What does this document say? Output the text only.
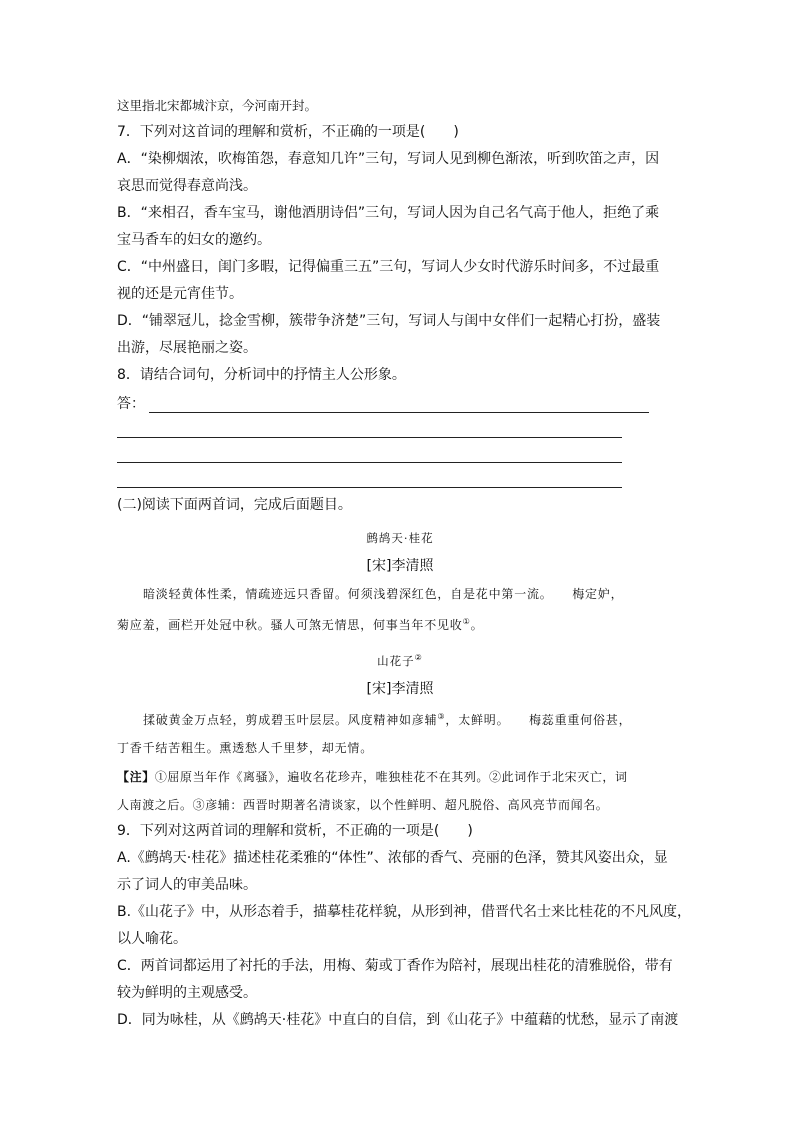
这里指北宋都城汴京，今河南开封。

7．下列对这首词的理解和赏析，不正确的一项是(　　)

A．“染柳烟浓，吹梅笛怨，春意知几许”三句，写词人见到柳色渐浓，听到吹笛之声，因

哀思而觉得春意尚浅。

B．“来相召，香车宝马，谢他酒朋诗侣”三句，写词人因为自己名气高于他人，拒绝了乘

宝马香车的妇女的邀约。

C．“中州盛日，闺门多暇，记得偏重三五”三句，写词人少女时代游乐时间多，不过最重

视的还是元宵佳节。

D．“铺翠冠儿，捻金雪柳，簇带争济楚”三句，写词人与闺中女伴们一起精心打扮，盛装

出游，尽展艳丽之姿。

8．请结合词句，分析词中的抒情主人公形象。

答：

(二)阅读下面两首词，完成后面题目。

鹧鸪天·桂花

[宋]李清照

暗淡轻黄体性柔，情疏迹远只香留。何须浅碧深红色，自是花中第一流。　　梅定妒，

菊应羞，画栏开处冠中秋。骚人可煞无情思，何事当年不见收①。

山花子②

[宋]李清照

揉破黄金万点轻，剪成碧玉叶层层。风度精神如彦辅③，太鲜明。　　梅蕊重重何俗甚，

丁香千结苦粗生。熏透愁人千里梦，却无情。

【注】①屈原当年作《离骚》，遍收名花珍卉，唯独桂花不在其列。②此词作于北宋灭亡，词

人南渡之后。③彦辅：西晋时期著名清谈家，以个性鲜明、超凡脱俗、高风亮节而闻名。

9．下列对这两首词的理解和赏析，不正确的一项是(　　)

A.《鹧鸪天·桂花》描述桂花柔雅的“体性”、浓郁的香气、亮丽的色泽，赞其风姿出众，显

示了词人的审美品味。

B.《山花子》中，从形态着手，描摹桂花样貌，从形到神，借晋代名士来比桂花的不凡风度，

以人喻花。

C．两首词都运用了衬托的手法，用梅、菊或丁香作为陪衬，展现出桂花的清雅脱俗，带有

较为鲜明的主观感受。

D．同为咏桂，从《鹧鸪天·桂花》中直白的自信，到《山花子》中蕴藉的忧愁，显示了南渡
